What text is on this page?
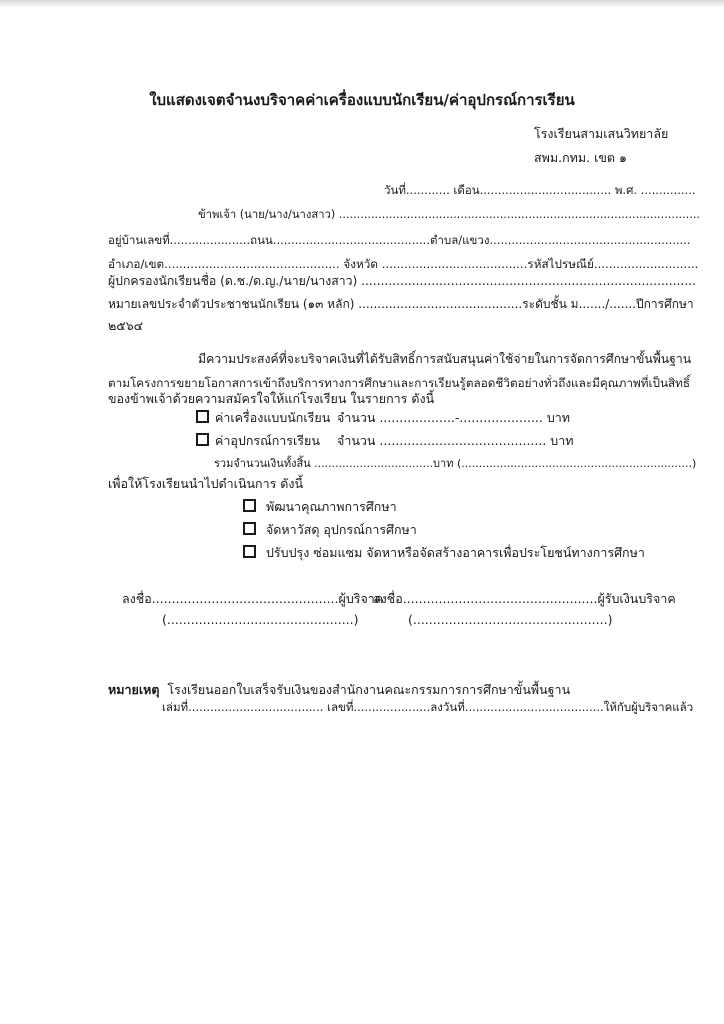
ใบแสดงเจตจำนงบริจาคค่าเครื่องแบบนักเรียน/ค่าอุปกรณ์การเรียน
โรงเรียนสามเสนวิทยาลัย
สพม.กทม. เขต ๑
วันที่............ เดือน.................................... พ.ศ. ...............
ข้าพเจ้า (นาย/นาง/นางสาว) .....................................................................................................
อยู่บ้านเลขที่......................ถนน...........................................ตำบล/แขวง.......................................................
อำเภอ/เขต............................................... จังหวัด .......................................รหัสไปรษณีย์............................
ผู้ปกครองนักเรียนชื่อ (ด.ช./ด.ญ./นาย/นางสาว) ......................................................................................
หมายเลขประจำตัวประชาชนนักเรียน (๑๓ หลัก) ...........................................ระดับชั้น ม......./.......ปีการศึกษา
๒๕๖๔
มีความประสงค์ที่จะบริจาคเงินที่ได้รับสิทธิ์การสนับสนุนค่าใช้จ่ายในการจัดการศึกษาขั้นพื้นฐาน
ตามโครงการขยายโอกาสการเข้าถึงบริการทางการศึกษาและการเรียนรู้ตลอดชีวิตอย่างทั่วถึงและมีคุณภาพที่เป็นสิทธิ์
ของข้าพเจ้าด้วยความสมัครใจให้แก่โรงเรียน ในรายการ ดังนี้
ค่าเครื่องแบบนักเรียน จำนวน ...................-..................... บาท
ค่าอุปกรณ์การเรียน จำนวน .......................................... บาท
รวมจำนวนเงินทั้งสิ้น ..................................บาท (..................................................................)
เพื่อให้โรงเรียนนำไปดำเนินการ ดังนี้
พัฒนาคุณภาพการศึกษา
จัดหาวัสดุ อุปกรณ์การศึกษา
ปรับปรุง ซ่อมแซม จัดหาหรือจัดสร้างอาคารเพื่อประโยชน์ทางการศึกษา
ลงชื่อ...............................................ผู้บริจาค
(...............................................)
ลงชื่อ.................................................ผู้รับเงินบริจาค
(.................................................)
หมายเหตุ โรงเรียนออกใบเสร็จรับเงินของสำนักงานคณะกรรมการการศึกษาขั้นพื้นฐาน
เล่มที่..................................... เลขที่.....................ลงวันที่......................................ให้กับผู้บริจาคแล้ว
